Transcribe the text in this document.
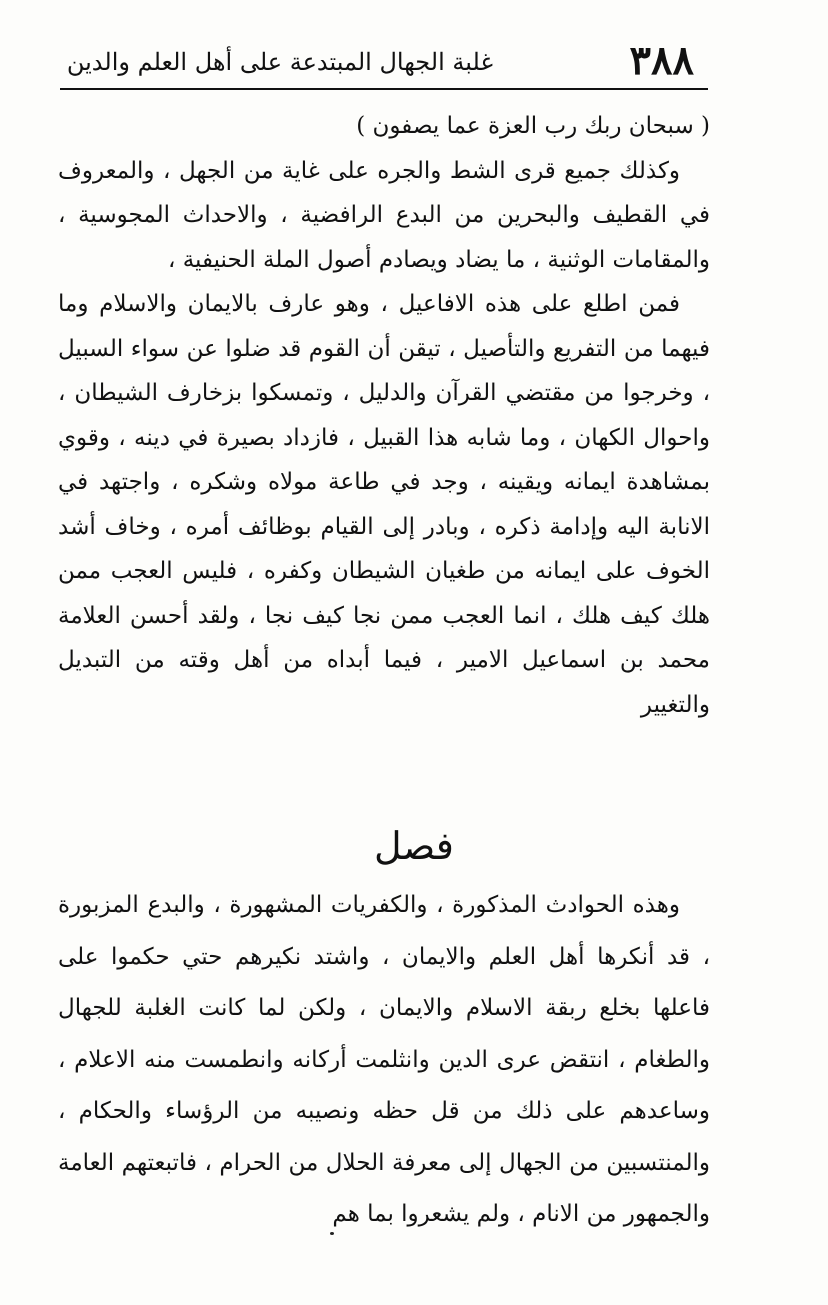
٣٨٨
غلبة الجهال المبتدعة على أهل العلم والدين

( سبحان ربك رب العزة عما يصفون )

وكذلك جميع قرى الشط والجره على غاية من الجهل ، والمعروف في القطيف والبحرين من البدع الرافضية ، والاحداث المجوسية ، والمقامات الوثنية ، ما يضاد ويصادم أصول الملة الحنيفية ،

فمن اطلع على هذه الافاعيل ، وهو عارف بالايمان والاسلام وما فيهما من التفريع والتأصيل ، تيقن أن القوم قد ضلوا عن سواء السبيل ، وخرجوا من مقتضي القرآن والدليل ، وتمسكوا بزخارف الشيطان ، واحوال الكهان ، وما شابه هذا القبيل ، فازداد بصيرة في دينه ، وقوي بمشاهدة ايمانه ويقينه ، وجد في طاعة مولاه وشكره ، واجتهد في الانابة اليه وإدامة ذكره ، وبادر إلى القيام بوظائف أمره ، وخاف أشد الخوف على ايمانه من طغيان الشيطان وكفره ، فليس العجب ممن هلك كيف هلك ، انما العجب ممن نجا كيف نجا ، ولقد أحسن العلامة محمد بن اسماعيل الامير ، فيما أبداه من أهل وقته من التبديل والتغيير

فصل

وهذه الحوادث المذكورة ، والكفريات المشهورة ، والبدع المزبورة ، قد أنكرها أهل العلم والايمان ، واشتد نكيرهم حتي حكموا على فاعلها بخلع ربقة الاسلام والايمان ، ولكن لما كانت الغلبة للجهال والطغام ، انتقض عرى الدين وانثلمت أركانه وانطمست منه الاعلام ، وساعدهم على ذلك من قل حظه ونصيبه من الرؤساء والحكام ، والمنتسبين من الجهال إلى معرفة الحلال من الحرام ، فاتبعتهم العامة والجمهور من الانام ، ولم يشعروا بما هم
